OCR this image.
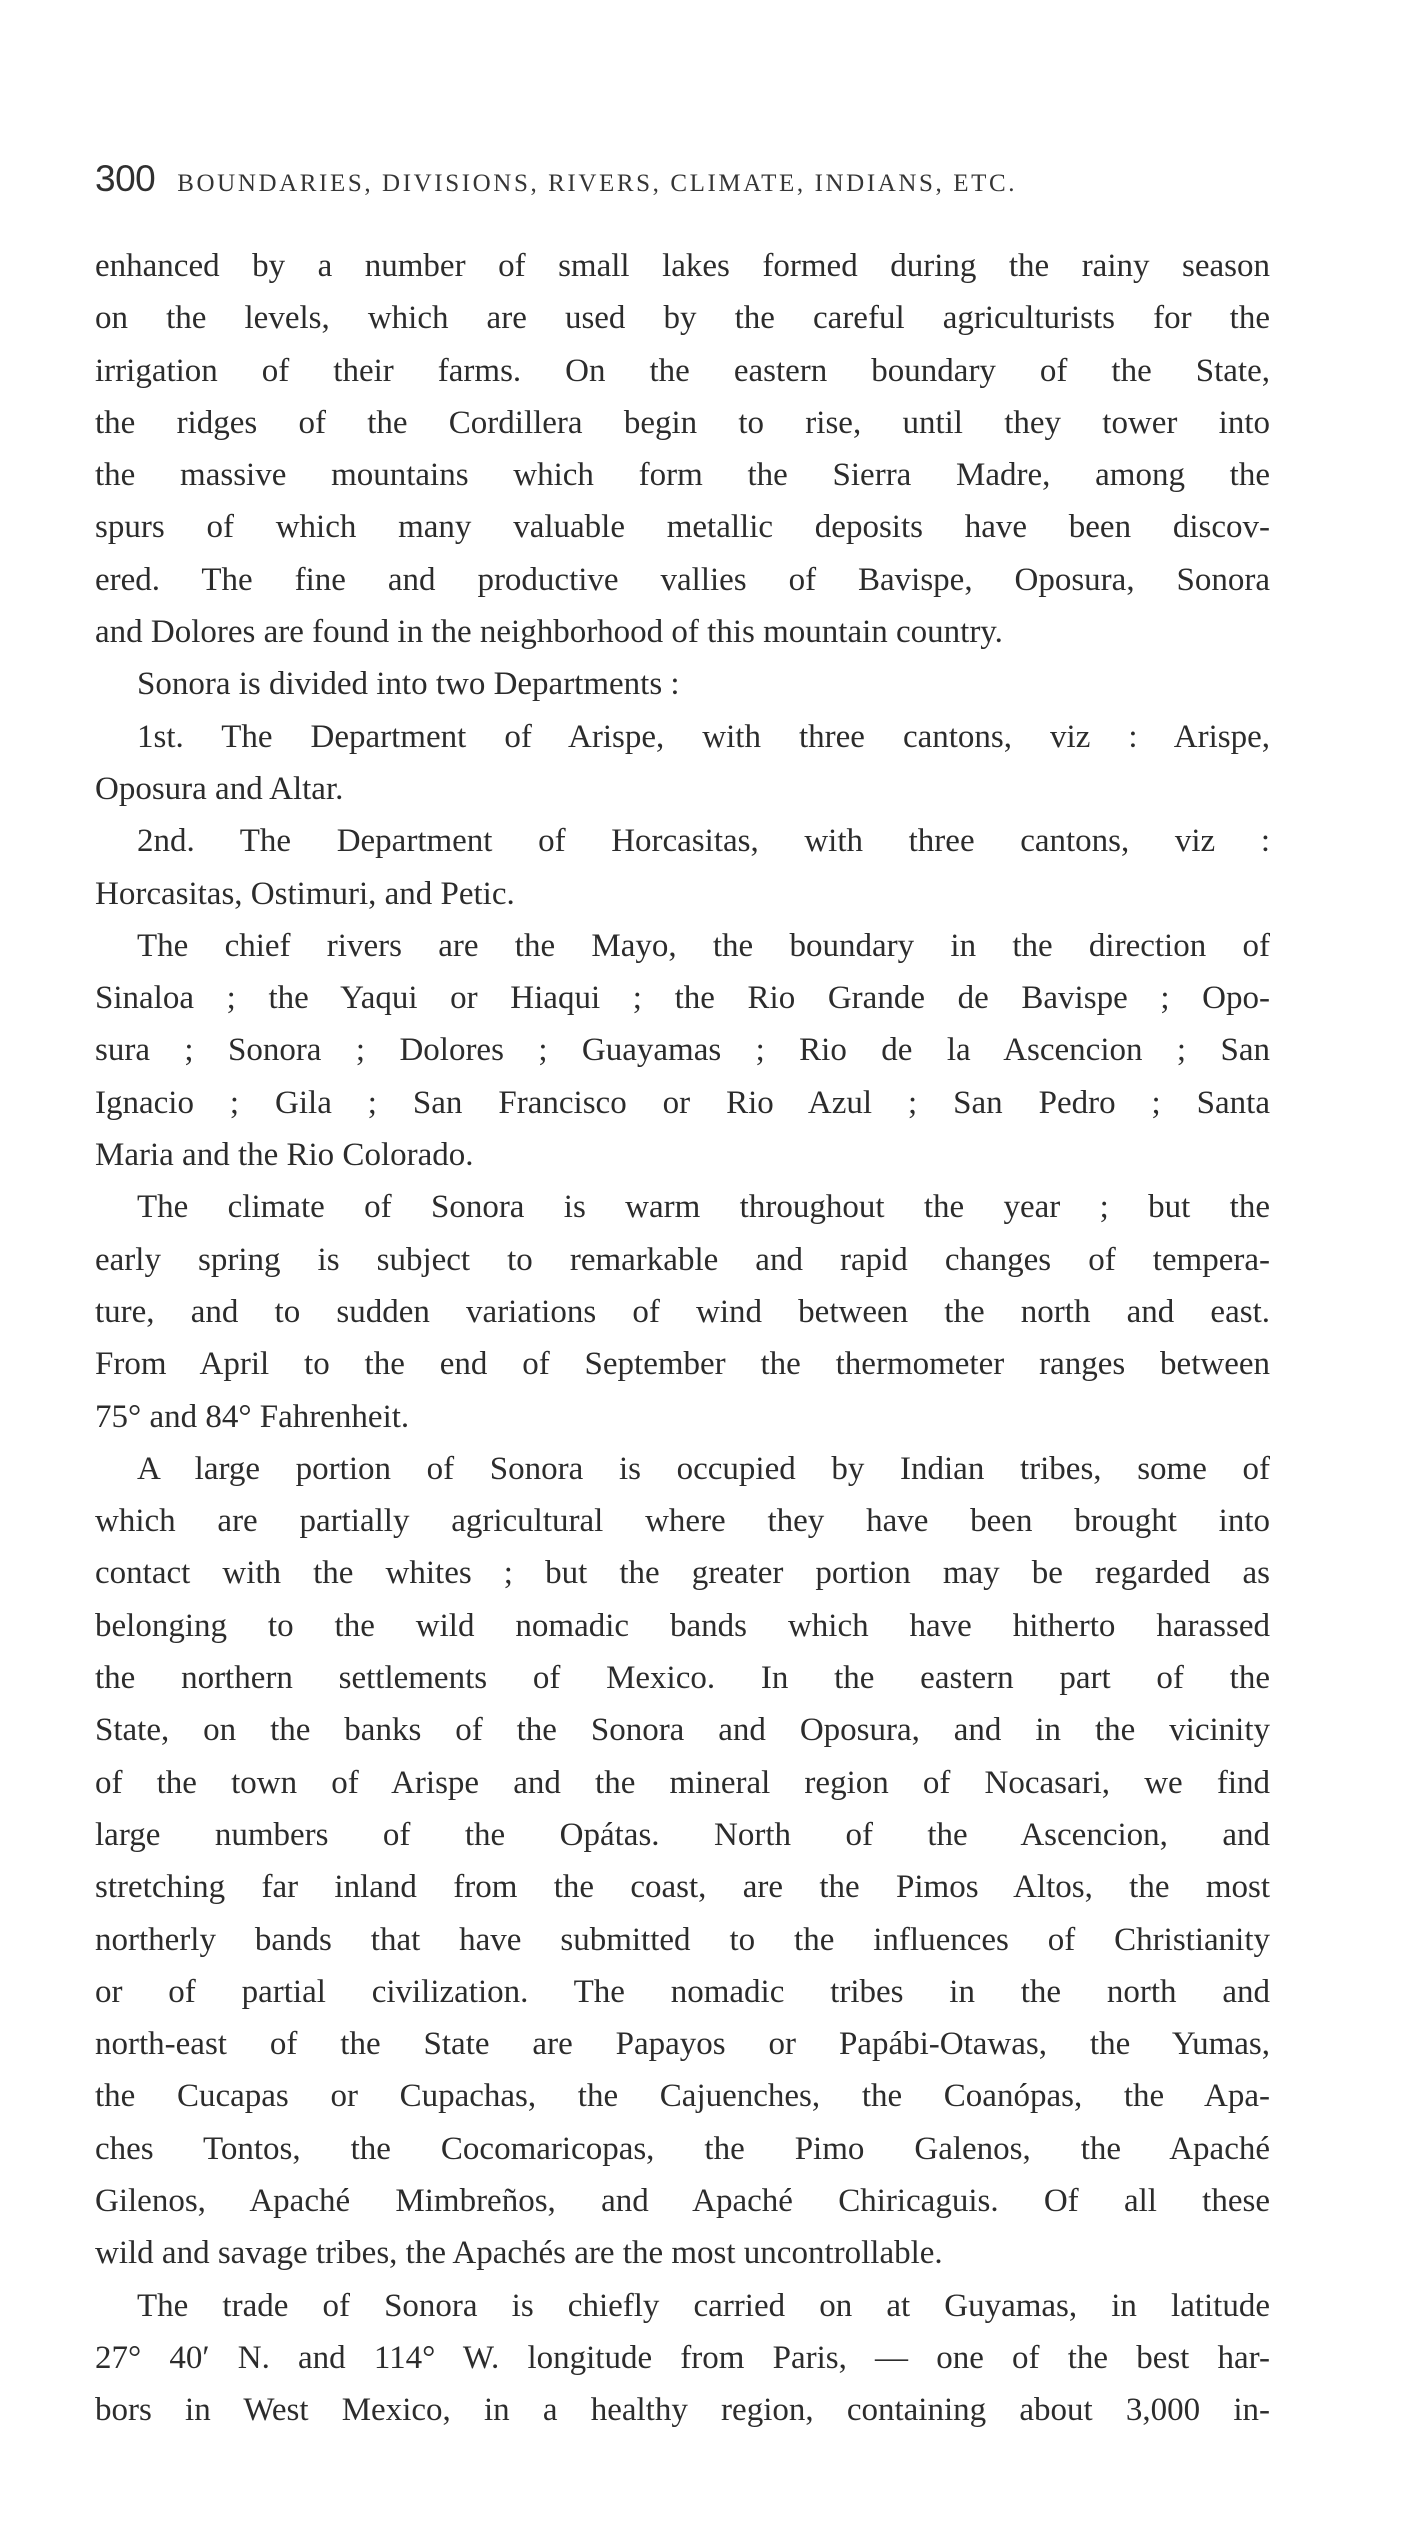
300 BOUNDARIES, DIVISIONS, RIVERS, CLIMATE, INDIANS, ETC.
enhanced by a number of small lakes formed during the rainy season
on the levels, which are used by the careful agriculturists for the
irrigation of their farms. On the eastern boundary of the State,
the ridges of the Cordillera begin to rise, until they tower into
the massive mountains which form the Sierra Madre, among the
spurs of which many valuable metallic deposits have been discov-
ered. The fine and productive vallies of Bavispe, Oposura, Sonora
and Dolores are found in the neighborhood of this mountain country.
Sonora is divided into two Departments :
1st. The Department of Arispe, with three cantons, viz : Arispe,
Oposura and Altar.
2nd. The Department of Horcasitas, with three cantons, viz :
Horcasitas, Ostimuri, and Petic.
The chief rivers are the Mayo, the boundary in the direction of
Sinaloa ; the Yaqui or Hiaqui ; the Rio Grande de Bavispe ; Opo-
sura ; Sonora ; Dolores ; Guayamas ; Rio de la Ascencion ; San
Ignacio ; Gila ; San Francisco or Rio Azul ; San Pedro ; Santa
Maria and the Rio Colorado.
The climate of Sonora is warm throughout the year ; but the
early spring is subject to remarkable and rapid changes of tempera-
ture, and to sudden variations of wind between the north and east.
From April to the end of September the thermometer ranges between
75° and 84° Fahrenheit.
A large portion of Sonora is occupied by Indian tribes, some of
which are partially agricultural where they have been brought into
contact with the whites ; but the greater portion may be regarded as
belonging to the wild nomadic bands which have hitherto harassed
the northern settlements of Mexico. In the eastern part of the
State, on the banks of the Sonora and Oposura, and in the vicinity
of the town of Arispe and the mineral region of Nocasari, we find
large numbers of the Opátas. North of the Ascencion, and
stretching far inland from the coast, are the Pimos Altos, the most
northerly bands that have submitted to the influences of Christianity
or of partial civilization. The nomadic tribes in the north and
north-east of the State are Papayos or Papábi-Otawas, the Yumas,
the Cucapas or Cupachas, the Cajuenches, the Coanópas, the Apa-
ches Tontos, the Cocomaricopas, the Pimo Galenos, the Apaché
Gilenos, Apaché Mimbreños, and Apaché Chiricaguis. Of all these
wild and savage tribes, the Apachés are the most uncontrollable.
The trade of Sonora is chiefly carried on at Guyamas, in latitude
27° 40′ N. and 114° W. longitude from Paris, — one of the best har-
bors in West Mexico, in a healthy region, containing about 3,000 in-
